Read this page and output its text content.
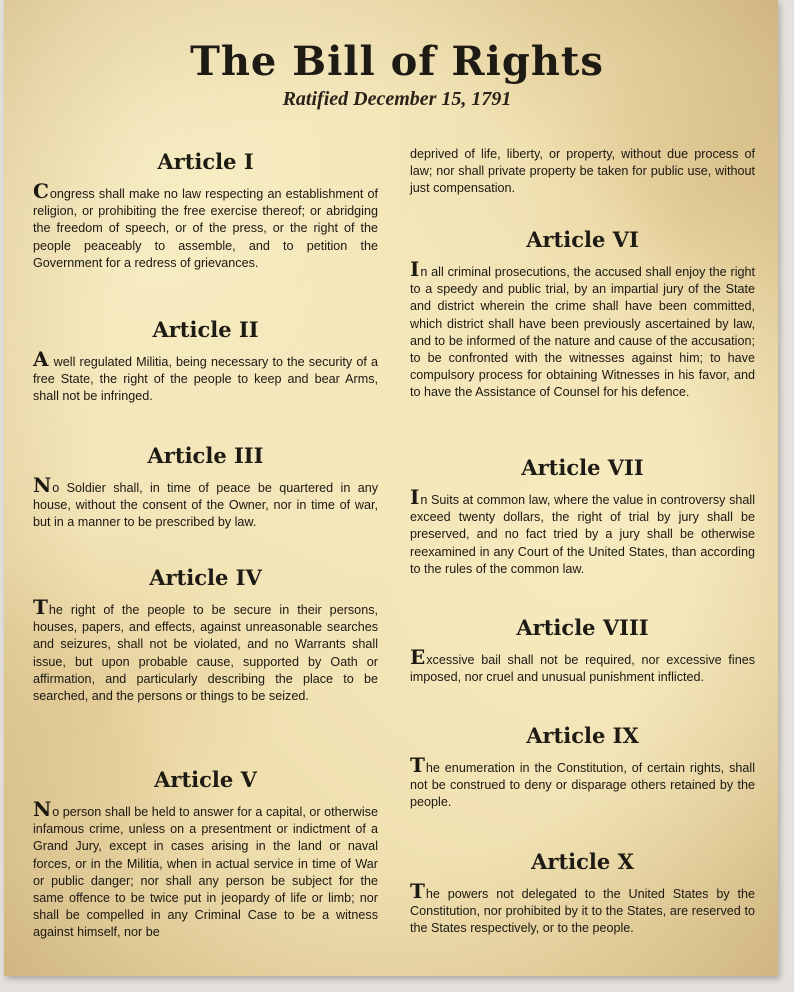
The Bill of Rights
Ratified December 15, 1791
Article I
Congress shall make no law respecting an establishment of religion, or prohibiting the free exercise thereof; or abridging the freedom of speech, or of the press, or the right of the people peaceably to assemble, and to petition the Government for a redress of grievances.
Article II
A well regulated Militia, being necessary to the security of a free State, the right of the people to keep and bear Arms, shall not be infringed.
Article III
No Soldier shall, in time of peace be quartered in any house, without the consent of the Owner, nor in time of war, but in a manner to be prescribed by law.
Article IV
The right of the people to be secure in their persons, houses, papers, and effects, against unreasonable searches and seizures, shall not be violated, and no Warrants shall issue, but upon probable cause, supported by Oath or affirmation, and particularly describing the place to be searched, and the persons or things to be seized.
Article V
No person shall be held to answer for a capital, or otherwise infamous crime, unless on a presentment or indictment of a Grand Jury, except in cases arising in the land or naval forces, or in the Militia, when in actual service in time of War or public danger; nor shall any person be subject for the same offence to be twice put in jeopardy of life or limb; nor shall be compelled in any Criminal Case to be a witness against himself, nor be
deprived of life, liberty, or property, without due process of law; nor shall private property be taken for public use, without just compensation.
Article VI
In all criminal prosecutions, the accused shall enjoy the right to a speedy and public trial, by an impartial jury of the State and district wherein the crime shall have been committed, which district shall have been previously ascertained by law, and to be informed of the nature and cause of the accusation; to be confronted with the witnesses against him; to have compulsory process for obtaining Witnesses in his favor, and to have the Assistance of Counsel for his defence.
Article VII
In Suits at common law, where the value in controversy shall exceed twenty dollars, the right of trial by jury shall be preserved, and no fact tried by a jury shall be otherwise reexamined in any Court of the United States, than according to the rules of the common law.
Article VIII
Excessive bail shall not be required, nor excessive fines imposed, nor cruel and unusual punishment inflicted.
Article IX
The enumeration in the Constitution, of certain rights, shall not be construed to deny or disparage others retained by the people.
Article X
The powers not delegated to the United States by the Constitution, nor prohibited by it to the States, are reserved to the States respectively, or to the people.
